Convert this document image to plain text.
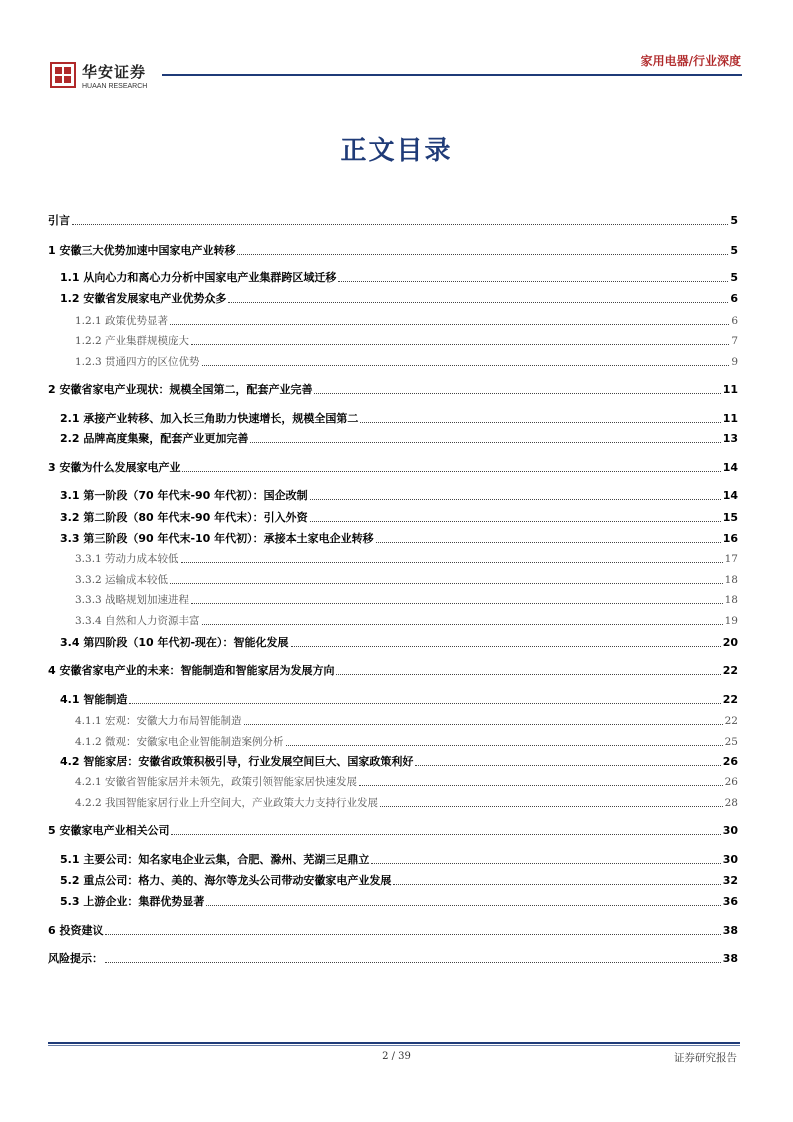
华安证券
HUAAN RESEARCH
家用电器/行业深度
正文目录
引言	5
1 安徽三大优势加速中国家电产业转移	5
1.1 从向心力和离心力分析中国家电产业集群跨区域迁移	5
1.2 安徽省发展家电产业优势众多	6
1.2.1 政策优势显著	6
1.2.2 产业集群规模庞大	7
1.2.3 贯通四方的区位优势	9
2 安徽省家电产业现状：规模全国第二，配套产业完善	11
2.1 承接产业转移、加入长三角助力快速增长，规模全国第二	11
2.2 品牌高度集聚，配套产业更加完善	13
3 安徽为什么发展家电产业	14
3.1 第一阶段（70 年代末-90 年代初）：国企改制	14
3.2 第二阶段（80 年代末-90 年代末）：引入外资	15
3.3 第三阶段（90 年代末-10 年代初）：承接本土家电企业转移	16
3.3.1 劳动力成本较低	17
3.3.2 运输成本较低	18
3.3.3 战略规划加速进程	18
3.3.4 自然和人力资源丰富	19
3.4 第四阶段（10 年代初-现在）：智能化发展	20
4 安徽省家电产业的未来：智能制造和智能家居为发展方向	22
4.1 智能制造	22
4.1.1 宏观：安徽大力布局智能制造	22
4.1.2 微观：安徽家电企业智能制造案例分析	25
4.2 智能家居：安徽省政策积极引导，行业发展空间巨大、国家政策利好	26
4.2.1 安徽省智能家居并未领先，政策引领智能家居快速发展	26
4.2.2 我国智能家居行业上升空间大，产业政策大力支持行业发展	28
5 安徽家电产业相关公司	30
5.1 主要公司：知名家电企业云集，合肥、滁州、芜湖三足鼎立	30
5.2 重点公司：格力、美的、海尔等龙头公司带动安徽家电产业发展	32
5.3 上游企业：集群优势显著	36
6 投资建议	38
风险提示：	38
2 / 39	证券研究报告
